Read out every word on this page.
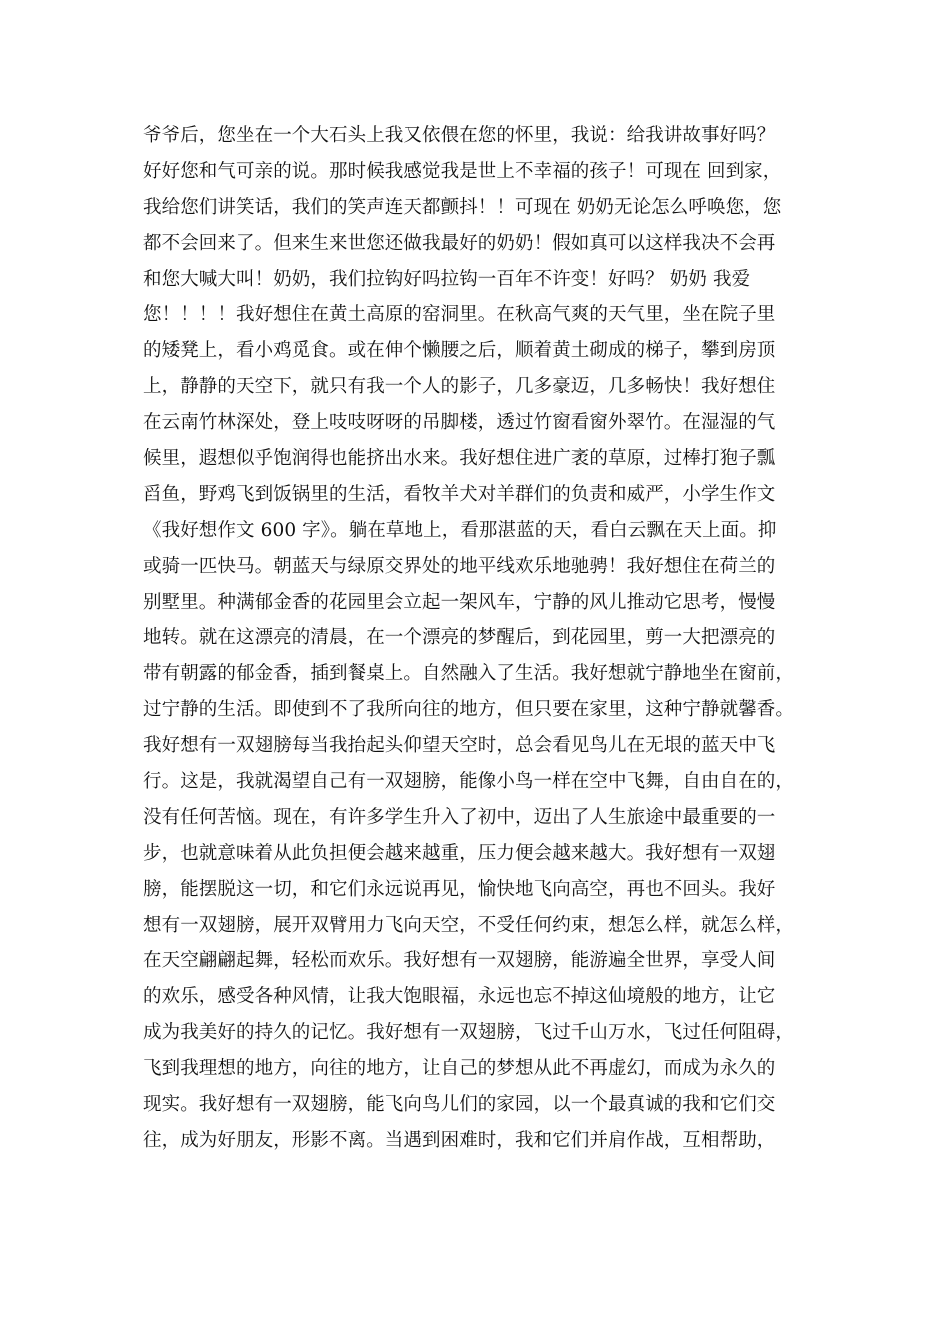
爷爷后，您坐在一个大石头上我又依偎在您的怀里，我说：给我讲故事好吗？
好好您和气可亲的说。那时候我感觉我是世上不幸福的孩子！可现在 回到家，
我给您们讲笑话，我们的笑声连天都颤抖！！可现在 奶奶无论怎么呼唤您，您
都不会回来了。但来生来世您还做我最好的奶奶！假如真可以这样我决不会再
和您大喊大叫！奶奶，我们拉钩好吗拉钩一百年不许变！好吗？ 奶奶 我爱
您！！！！我好想住在黄土高原的窑洞里。在秋高气爽的天气里，坐在院子里
的矮凳上，看小鸡觅食。或在伸个懒腰之后，顺着黄土砌成的梯子，攀到房顶
上，静静的天空下，就只有我一个人的影子，几多豪迈，几多畅快！我好想住
在云南竹林深处，登上吱吱呀呀的吊脚楼，透过竹窗看窗外翠竹。在湿湿的气
候里，遐想似乎饱润得也能挤出水来。我好想住进广袤的草原，过棒打狍子瓢
舀鱼，野鸡飞到饭锅里的生活，看牧羊犬对羊群们的负责和威严，小学生作文
《我好想作文 600 字》。躺在草地上，看那湛蓝的天，看白云飘在天上面。抑
或骑一匹快马。朝蓝天与绿原交界处的地平线欢乐地驰骋！我好想住在荷兰的
别墅里。种满郁金香的花园里会立起一架风车，宁静的风儿推动它思考，慢慢
地转。就在这漂亮的清晨，在一个漂亮的梦醒后，到花园里，剪一大把漂亮的
带有朝露的郁金香，插到餐桌上。自然融入了生活。我好想就宁静地坐在窗前，
过宁静的生活。即使到不了我所向往的地方，但只要在家里，这种宁静就馨香。
我好想有一双翅膀每当我抬起头仰望天空时，总会看见鸟儿在无垠的蓝天中飞
行。这是，我就渴望自己有一双翅膀，能像小鸟一样在空中飞舞，自由自在的，
没有任何苦恼。现在，有许多学生升入了初中，迈出了人生旅途中最重要的一
步，也就意味着从此负担便会越来越重，压力便会越来越大。我好想有一双翅
膀，能摆脱这一切，和它们永远说再见，愉快地飞向高空，再也不回头。我好
想有一双翅膀，展开双臂用力飞向天空，不受任何约束，想怎么样，就怎么样，
在天空翩翩起舞，轻松而欢乐。我好想有一双翅膀，能游遍全世界，享受人间
的欢乐，感受各种风情，让我大饱眼福，永远也忘不掉这仙境般的地方，让它
成为我美好的持久的记忆。我好想有一双翅膀，飞过千山万水，飞过任何阻碍，
飞到我理想的地方，向往的地方，让自己的梦想从此不再虚幻，而成为永久的
现实。我好想有一双翅膀，能飞向鸟儿们的家园，以一个最真诚的我和它们交
往，成为好朋友，形影不离。当遇到困难时，我和它们并肩作战，互相帮助，
